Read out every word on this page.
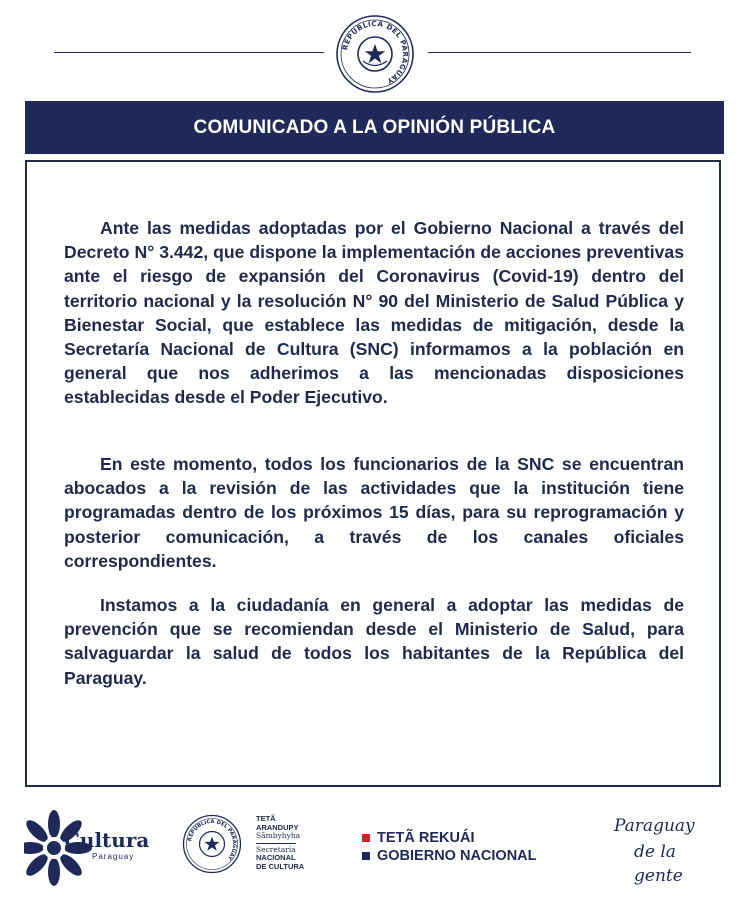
REPÚBLICA DEL PARAGUAY
COMUNICADO A LA OPINIÓN PÚBLICA

Ante las medidas adoptadas por el Gobierno Nacional a través del Decreto N° 3.442, que dispone la implementación de acciones preventivas ante el riesgo de expansión del Coronavirus (Covid-19) dentro del territorio nacional y la resolución N° 90 del Ministerio de Salud Pública y Bienestar Social, que establece las medidas de mitigación, desde la Secretaría Nacional de Cultura (SNC) informamos a la población en general que nos adherimos a las mencionadas disposiciones establecidas desde el Poder Ejecutivo.

En este momento, todos los funcionarios de la SNC se encuentran abocados a la revisión de las actividades que la institución tiene programadas dentro de los próximos 15 días, para su reprogramación y posterior comunicación, a través de los canales oficiales correspondientes.

Instamos a la ciudadanía en general a adoptar las medidas de prevención que se recomiendan desde el Ministerio de Salud, para salvaguardar la salud de todos los habitantes de la República del Paraguay.

Cultura
Paraguay
REPÚBLICA DEL PARAGUAY
TETÃ
ARANDUPY
Sãmbyhyha
Secretaría
NACIONAL
DE CULTURA
TETÃ REKUÁI
GOBIERNO NACIONAL
Paraguay
de la gente
